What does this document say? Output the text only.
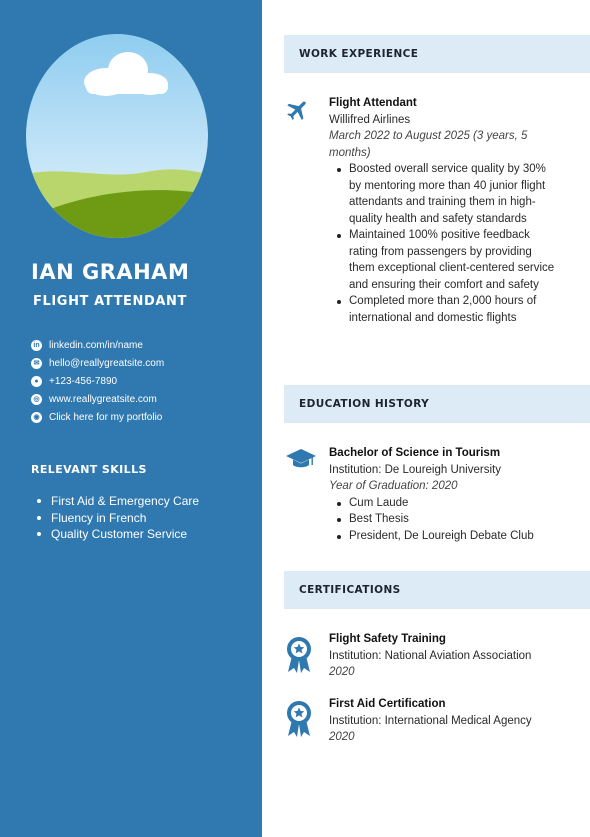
IAN GRAHAM
FLIGHT ATTENDANT
in linkedin.com/in/name
✉ hello@reallygreatsite.com
●	+123-456-7890
◎ www.reallygreatsite.com
◉ Click here for my portfolio
RELEVANT SKILLS
First Aid & Emergency Care
Fluency in French
Quality Customer Service
WORK EXPERIENCE
Flight Attendant
Willifred Airlines
March 2022 to August 2025 (3 years, 5 months)
Boosted overall service quality by 30% by mentoring more than 40 junior flight attendants and training them in high-quality health and safety standards
Maintained 100% positive feedback rating from passengers by providing them exceptional client-centered service and ensuring their comfort and safety
Completed more than 2,000 hours of international and domestic flights
EDUCATION HISTORY
Bachelor of Science in Tourism
Institution: De Loureigh University
Year of Graduation: 2020
Cum Laude
Best Thesis
President, De Loureigh Debate Club
CERTIFICATIONS
Flight Safety Training
Institution: National Aviation Association
2020
First Aid Certification
Institution: International Medical Agency
2020
